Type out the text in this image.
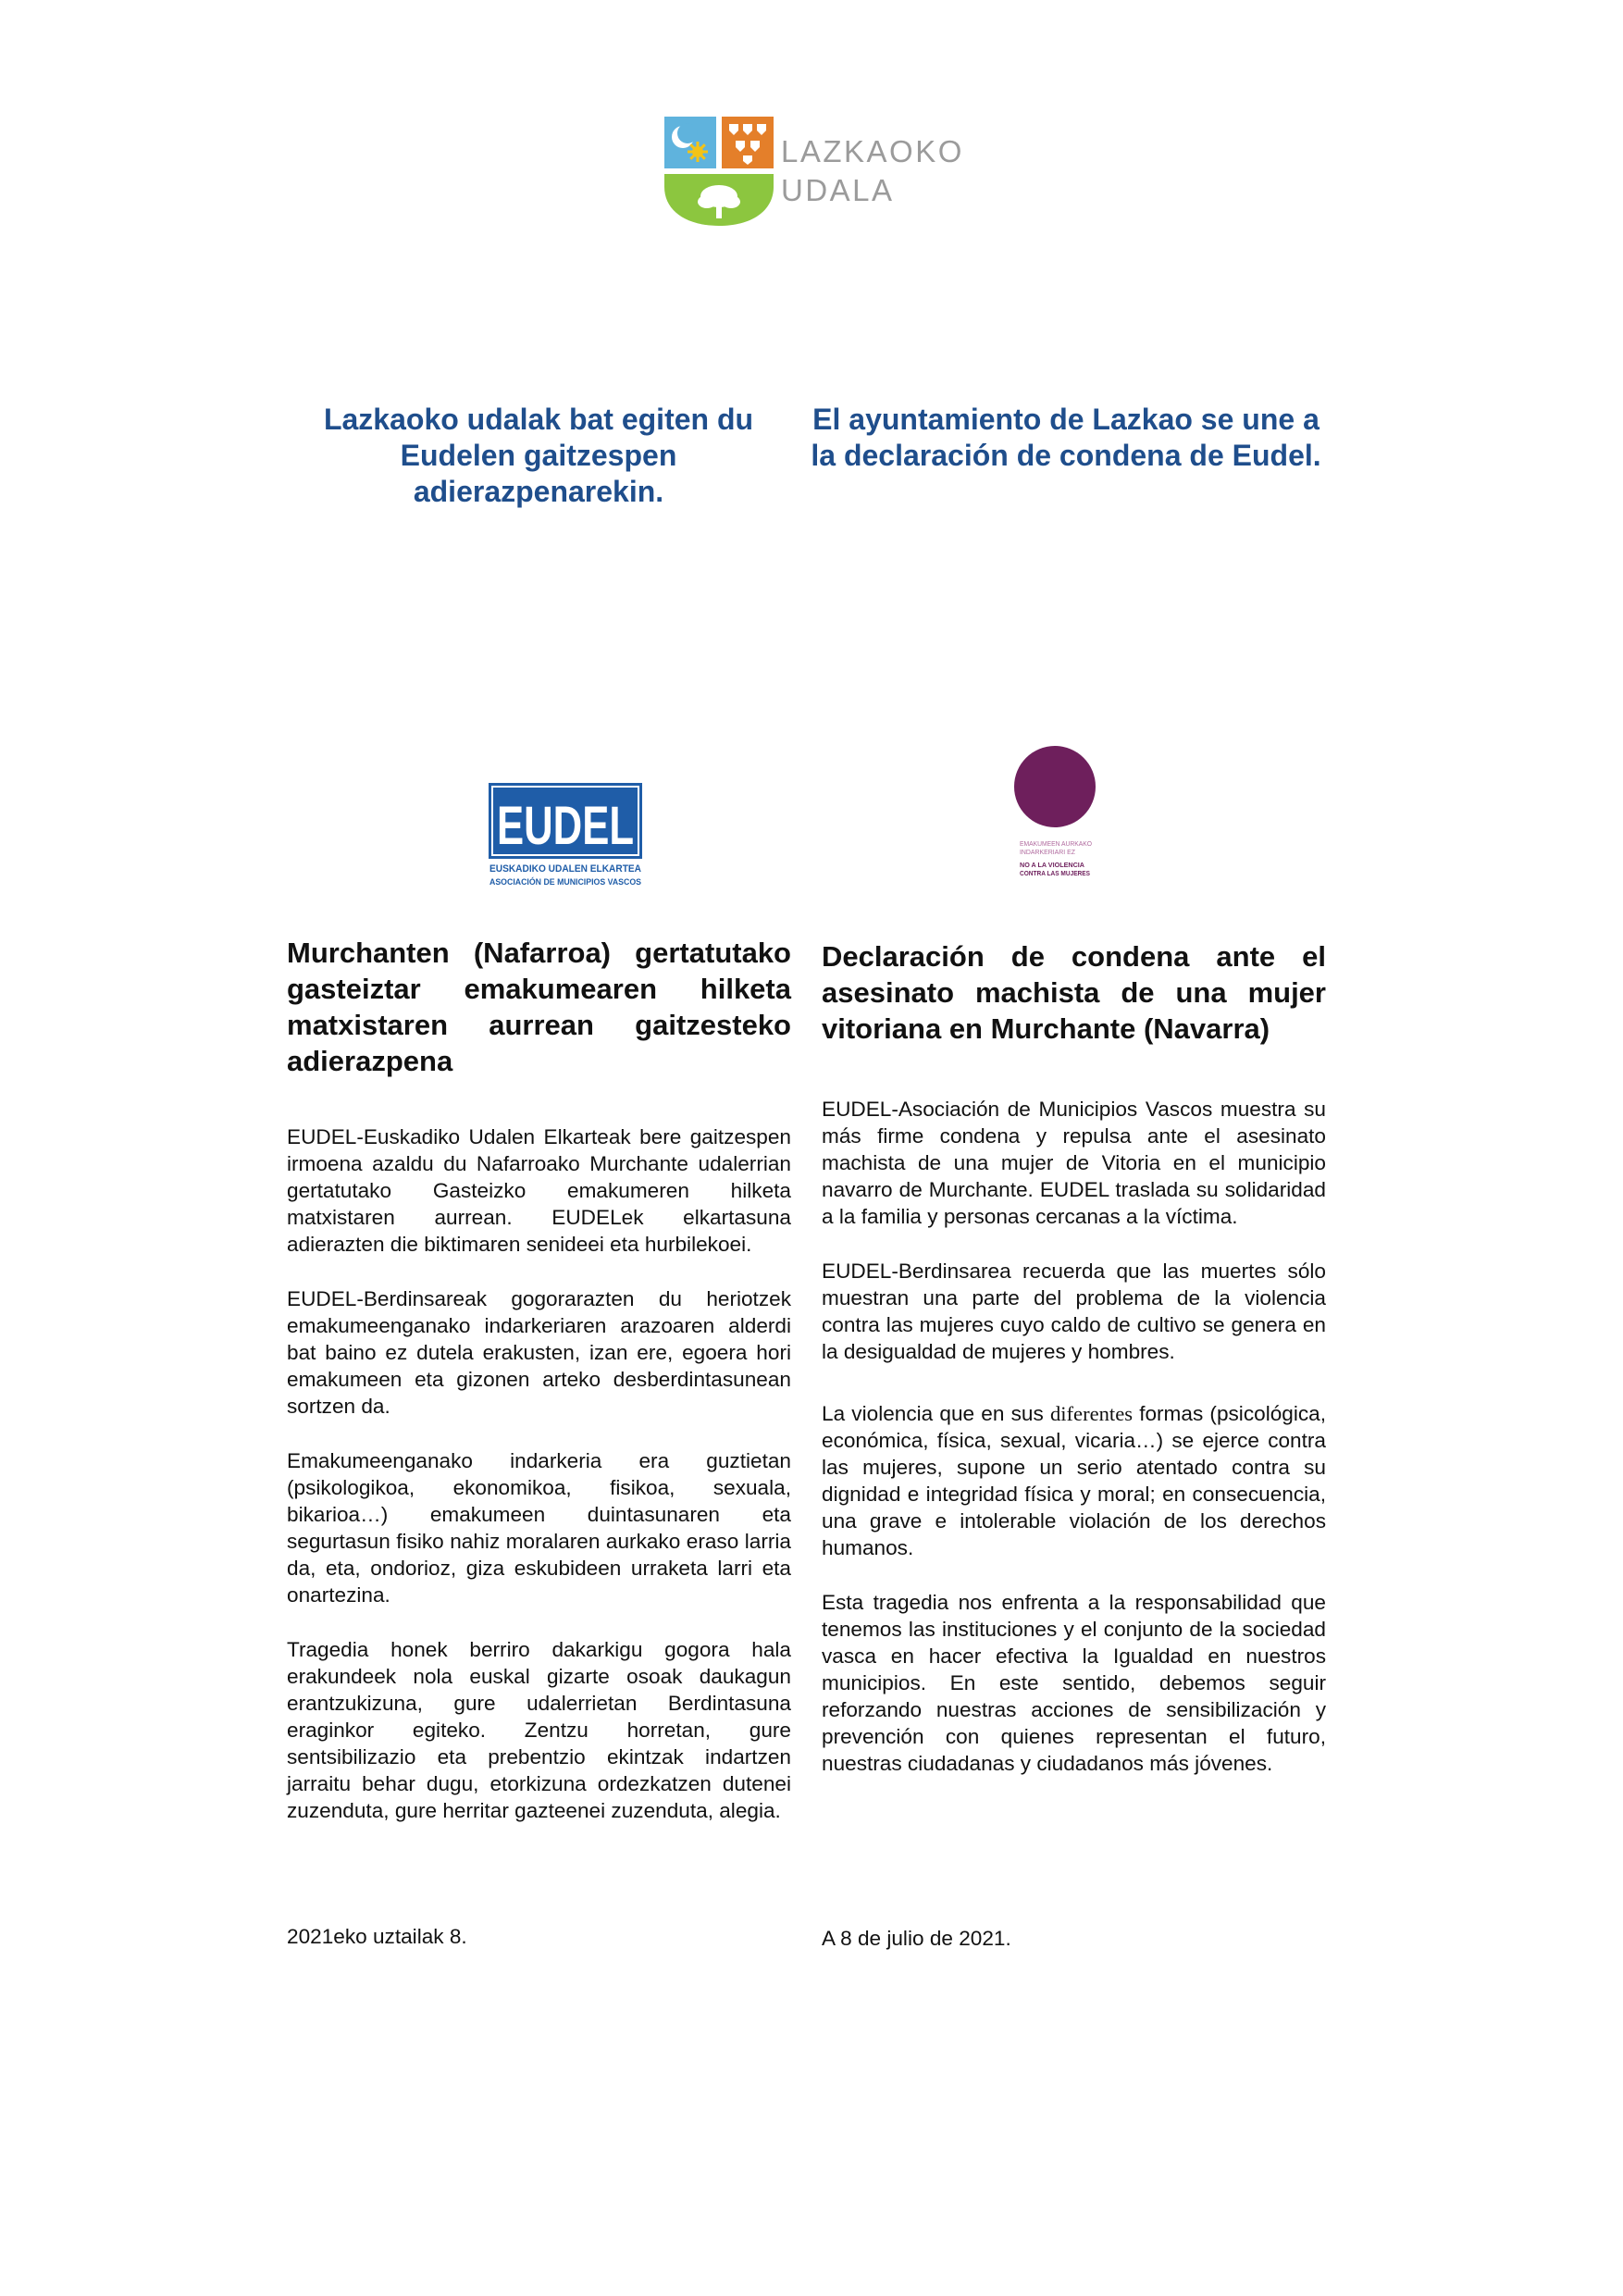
LAZKAOKO
UDALA
Lazkaoko udalak bat egiten du Eudelen gaitzespen adierazpenarekin.
El ayuntamiento de Lazkao se une a la declaración de condena de Eudel.
EUDEL
EUSKADIKO UDALEN ELKARTEA
ASOCIACIÓN DE MUNICIPIOS VASCOS
EMAKUMEEN AURKAKO
INDARKERIARI EZ
NO A LA VIOLENCIA
CONTRA LAS MUJERES
Murchanten (Nafarroa) gertatutako gasteiztar emakumearen hilketa matxistaren aurrean gaitzesteko adierazpena

EUDEL-Euskadiko Udalen Elkarteak bere gaitzespen irmoena azaldu du Nafarroako Murchante udalerrian gertatutako Gasteizko emakumeren hilketa matxistaren aurrean. EUDELek elkartasuna adierazten die biktimaren senideei eta hurbilekoei.

EUDEL-Berdinsareak gogorarazten du heriotzek emakumeenganako indarkeriaren arazoaren alderdi bat baino ez dutela erakusten, izan ere, egoera hori emakumeen eta gizonen arteko desberdintasunean sortzen da.

Emakumeenganako indarkeria era guztietan (psikologikoa, ekonomikoa, fisikoa, sexuala, bikarioa…) emakumeen duintasunaren eta segurtasun fisiko nahiz moralaren aurkako eraso larria da, eta, ondorioz, giza eskubideen urraketa larri eta onartezina.

Tragedia honek berriro dakarkigu gogora hala erakundeek nola euskal gizarte osoak daukagun erantzukizuna, gure udalerrietan Berdintasuna eraginkor egiteko. Zentzu horretan, gure sentsibilizazio eta prebentzio ekintzak indartzen jarraitu behar dugu, etorkizuna ordezkatzen dutenei zuzenduta, gure herritar gazteenei zuzenduta, alegia.

Declaración de condena ante el asesinato machista de una mujer vitoriana en Murchante (Navarra)

EUDEL-Asociación de Municipios Vascos muestra su más firme condena y repulsa ante el asesinato machista de una mujer de Vitoria en el municipio navarro de Murchante. EUDEL traslada su solidaridad a la familia y personas cercanas a la víctima.

EUDEL-Berdinsarea recuerda que las muertes sólo muestran una parte del problema de la violencia contra las mujeres cuyo caldo de cultivo se genera en la desigualdad de mujeres y hombres.

La violencia que en sus diferentes formas (psicológica, económica, física, sexual, vicaria…) se ejerce contra las mujeres, supone un serio atentado contra su dignidad e integridad física y moral; en consecuencia, una grave e intolerable violación de los derechos humanos.

Esta tragedia nos enfrenta a la responsabilidad que tenemos las instituciones y el conjunto de la sociedad vasca en hacer efectiva la Igualdad en nuestros municipios. En este sentido, debemos seguir reforzando nuestras acciones de sensibilización y prevención con quienes representan el futuro, nuestras ciudadanas y ciudadanos más jóvenes.

2021eko uztailak 8.	A 8 de julio de 2021.
